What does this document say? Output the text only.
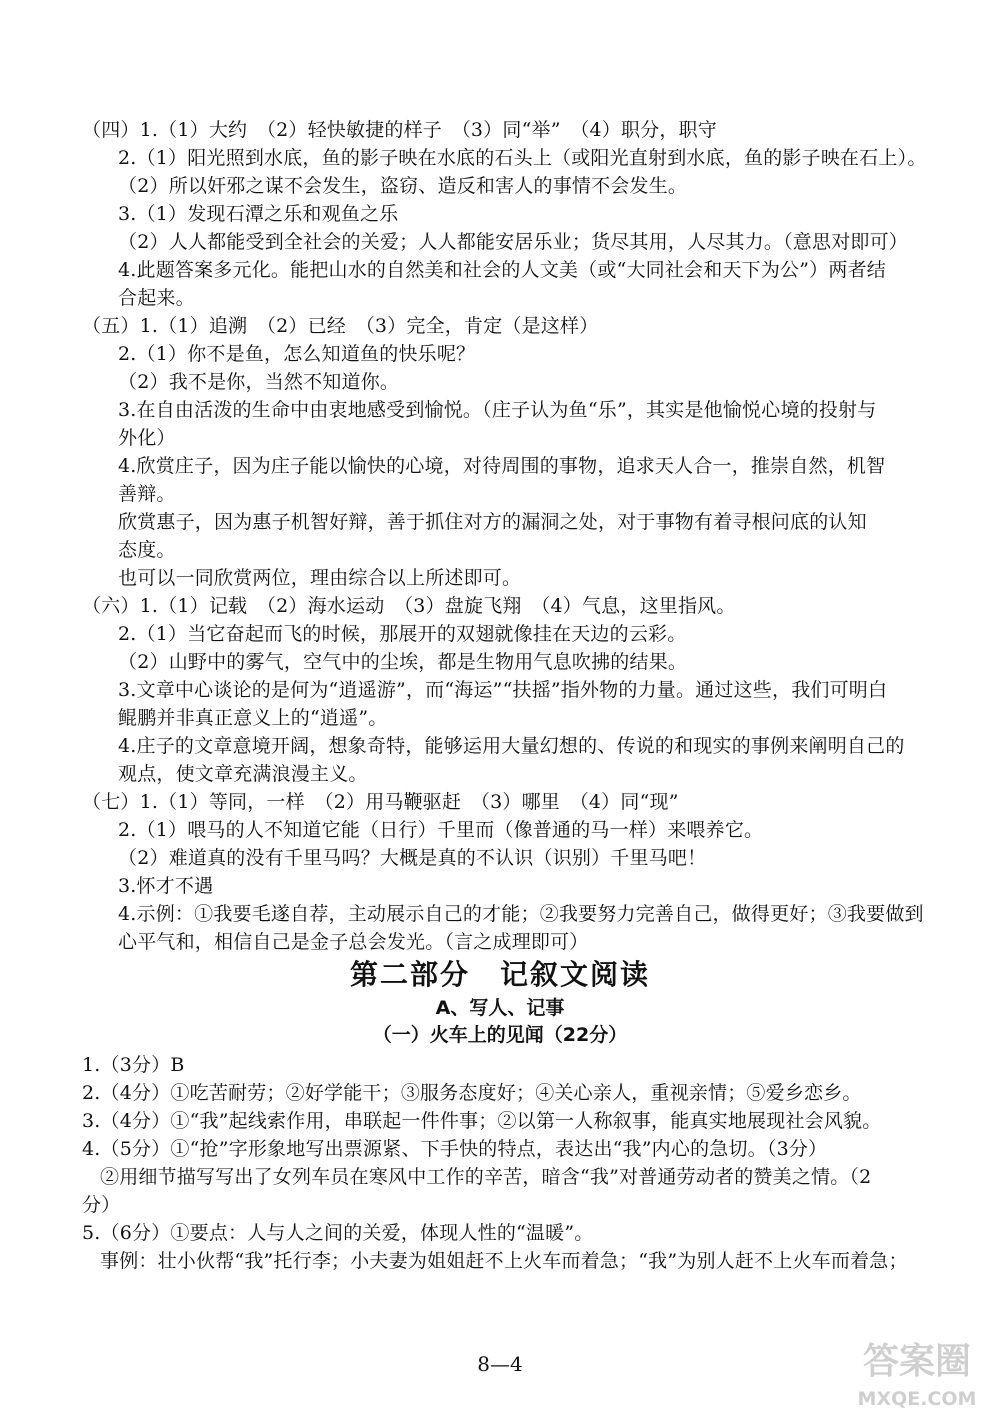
（四）1.（1）大约　（2）轻快敏捷的样子　（3）同“举”　（4）职分，职守
2.（1）阳光照到水底，鱼的影子映在水底的石头上（或阳光直射到水底，鱼的影子映在石上）。
（2）所以奸邪之谋不会发生，盗窃、造反和害人的事情不会发生。
3.（1）发现石潭之乐和观鱼之乐
（2）人人都能受到全社会的关爱；人人都能安居乐业；货尽其用，人尽其力。（意思对即可）
4.此题答案多元化。能把山水的自然美和社会的人文美（或“大同社会和天下为公”）两者结
合起来。
（五）1.（1）追溯　（2）已经　（3）完全，肯定（是这样）
2.（1）你不是鱼，怎么知道鱼的快乐呢？
（2）我不是你，当然不知道你。
3.在自由活泼的生命中由衷地感受到愉悦。（庄子认为鱼“乐”，其实是他愉悦心境的投射与
外化）
4.欣赏庄子，因为庄子能以愉快的心境，对待周围的事物，追求天人合一，推崇自然，机智
善辩。
欣赏惠子，因为惠子机智好辩，善于抓住对方的漏洞之处，对于事物有着寻根问底的认知
态度。
也可以一同欣赏两位，理由综合以上所述即可。
（六）1.（1）记载　（2）海水运动　（3）盘旋飞翔　（4）气息，这里指风。
2.（1）当它奋起而飞的时候，那展开的双翅就像挂在天边的云彩。
（2）山野中的雾气，空气中的尘埃，都是生物用气息吹拂的结果。
3.文章中心谈论的是何为“逍遥游”，而“海运”“扶摇”指外物的力量。通过这些，我们可明白
鲲鹏并非真正意义上的“逍遥”。
4.庄子的文章意境开阔，想象奇特，能够运用大量幻想的、传说的和现实的事例来阐明自己的
观点，使文章充满浪漫主义。
（七）1.（1）等同，一样　（2）用马鞭驱赶　（3）哪里　（4）同“现”
2.（1）喂马的人不知道它能（日行）千里而（像普通的马一样）来喂养它。
（2）难道真的没有千里马吗？大概是真的不认识（识别）千里马吧！
3.怀才不遇
4.示例：①我要毛遂自荐，主动展示自己的才能；②我要努力完善自己，做得更好；③我要做到
心平气和，相信自己是金子总会发光。（言之成理即可）
1.（3分）B
2.（4分）①吃苦耐劳；②好学能干；③服务态度好；④关心亲人，重视亲情；⑤爱乡恋乡。
3.（4分）①“我”起线索作用，串联起一件件事；②以第一人称叙事，能真实地展现社会风貌。
4.（5分）①“抢”字形象地写出票源紧、下手快的特点，表达出“我”内心的急切。（3分）
②用细节描写写出了女列车员在寒风中工作的辛苦，暗含“我”对普通劳动者的赞美之情。（2
分）
5.（6分）①要点：人与人之间的关爱，体现人性的“温暖”。
事例：壮小伙帮“我”托行李；小夫妻为姐姐赶不上火车而着急；“我”为别人赶不上火车而着急；
第二部分　记叙文阅读
A、写人、记事
（一）火车上的见闻（22分）
8—4	答案圈
MXQE.COM
